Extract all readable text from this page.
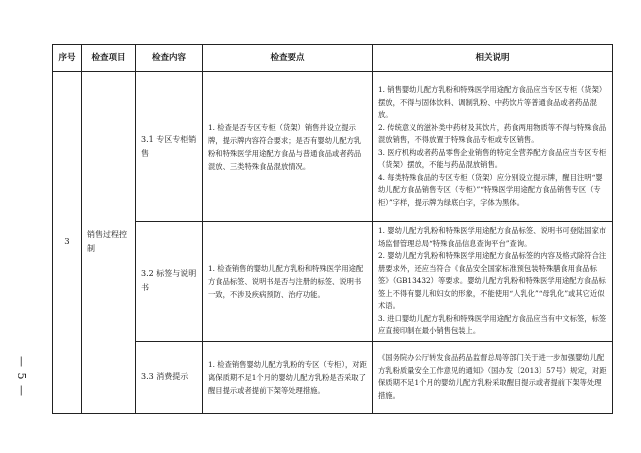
— 5 —
序号	检查项目	检查内容	检查要点	相关说明
3	销售过程控制	3.1 专区专柜销售	1. 检查是否专区专柜（货架）销售并设立提示牌，提示牌内容符合要求；是否有婴幼儿配方乳粉和特殊医学用途配方食品与普通食品或者药品混放、三类特殊食品混放情况。	1. 销售婴幼儿配方乳粉和特殊医学用途配方食品应当专区专柜（货架）摆放，不得与固体饮料、调制乳粉、中药饮片等普通食品或者药品混放。

2. 传统意义的滋补类中药材及其饮片，药食两用物质等不得与特殊食品混放销售，不得放置于特殊食品专柜或专区销售。

3. 医疗机构或者药品零售企业销售的特定全营养配方食品应当专区专柜（货架）摆放，不能与药品混放销售。

4. 每类特殊食品的专区专柜（货架）应分别设立提示牌，醒目注明“婴幼儿配方食品销售专区（专柜）”“特殊医学用途配方食品销售专区（专柜）”字样，提示牌为绿底白字，字体为黑体。

		3.2 标签与说明书	1. 检查销售的婴幼儿配方乳粉和特殊医学用途配方食品标签、说明书是否与注册的标签、说明书一致，不涉及疾病预防、治疗功能。	1. 婴幼儿配方乳粉和特殊医学用途配方食品标签、说明书可登陆国家市场监督管理总局“特殊食品信息查询平台”查询。

2. 婴幼儿配方乳粉和特殊医学用途配方食品标签的内容及格式除符合注册要求外，还应当符合《食品安全国家标准预包装特殊膳食用食品标签》（GB13432）等要求。婴幼儿配方乳粉和特殊医学用途配方食品标签上不得有婴儿和妇女的形象，不能使用“人乳化”“母乳化”或其它近似术语。

3. 进口婴幼儿配方乳粉和特殊医学用途配方食品应当有中文标签，标签应直接印制在最小销售包装上。

		3.3 消费提示	1. 检查销售婴幼儿配方乳粉的专区（专柜），对距离保质期不足1个月的婴幼儿配方乳粉是否采取了醒目提示或者提前下架等处理措施。	《国务院办公厅转发食品药品监督总局等部门关于进一步加强婴幼儿配方乳粉质量安全工作意见的通知》（国办发〔2013〕57号）规定，对距保质期不足1个月的婴幼儿配方乳粉采取醒目提示或者提前下架等处理措施。
